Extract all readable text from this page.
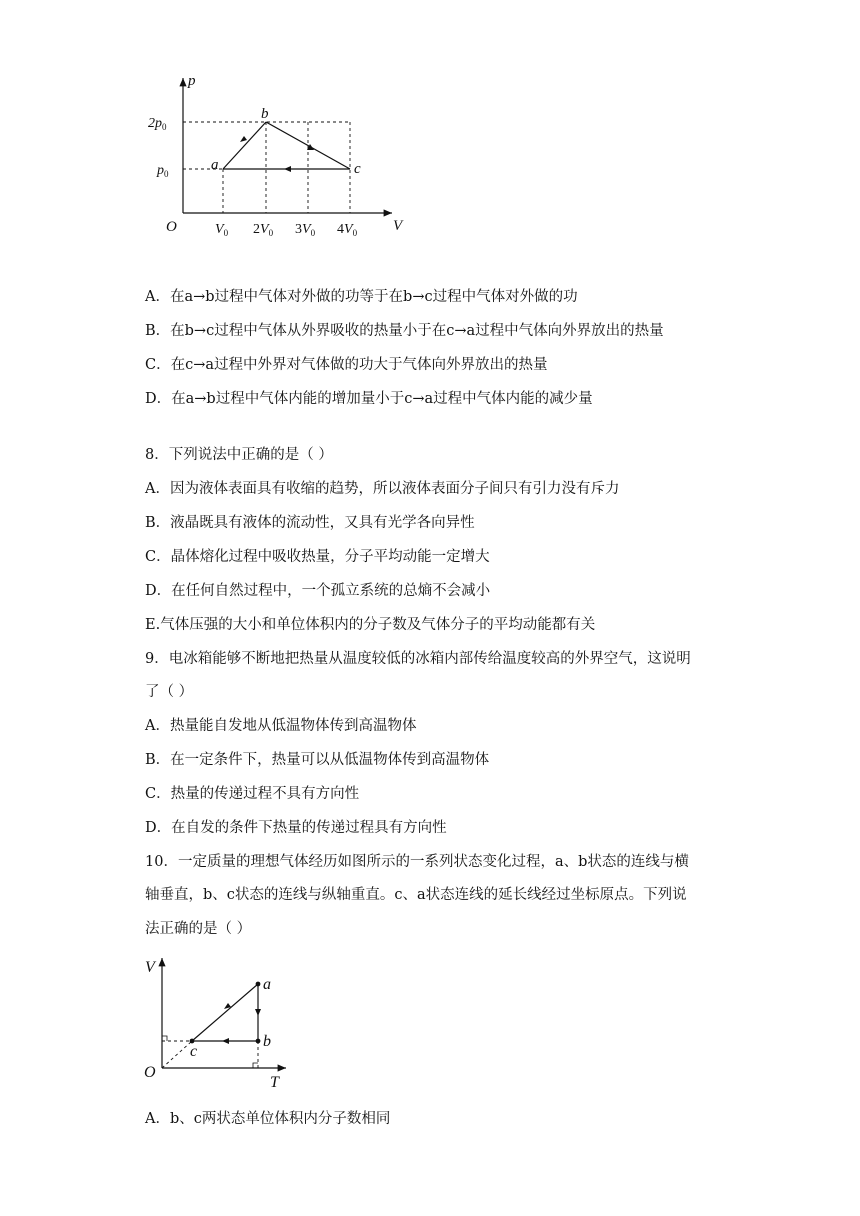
p
V
O
$2p_0$
$p_0$
$V_0$ $2V_0$ $3V_0$ $4V_0$
a
b
c
A．在a→b过程中气体对外做的功等于在b→c过程中气体对外做的功
B．在b→c过程中气体从外界吸收的热量小于在c→a过程中气体向外界放出的热量
C．在c→a过程中外界对气体做的功大于气体向外界放出的热量
D．在a→b过程中气体内能的增加量小于c→a过程中气体内能的减少量
8．下列说法中正确的是（ ）
A．因为液体表面具有收缩的趋势，所以液体表面分子间只有引力没有斥力
B．液晶既具有液体的流动性，又具有光学各向异性
C．晶体熔化过程中吸收热量，分子平均动能一定增大
D．在任何自然过程中，一个孤立系统的总熵不会减小
E.气体压强的大小和单位体积内的分子数及气体分子的平均动能都有关
9．电冰箱能够不断地把热量从温度较低的冰箱内部传给温度较高的外界空气，这说明
了（ ）
A．热量能自发地从低温物体传到高温物体
B．在一定条件下，热量可以从低温物体传到高温物体
C．热量的传递过程不具有方向性
D．在自发的条件下热量的传递过程具有方向性
10．一定质量的理想气体经历如图所示的一系列状态变化过程，a、b状态的连线与横
轴垂直，b、c状态的连线与纵轴重直。c、a状态连线的延长线经过坐标原点。下列说
法正确的是（ ）
V
T
O
a
b
c
A．b、c两状态单位体积内分子数相同
